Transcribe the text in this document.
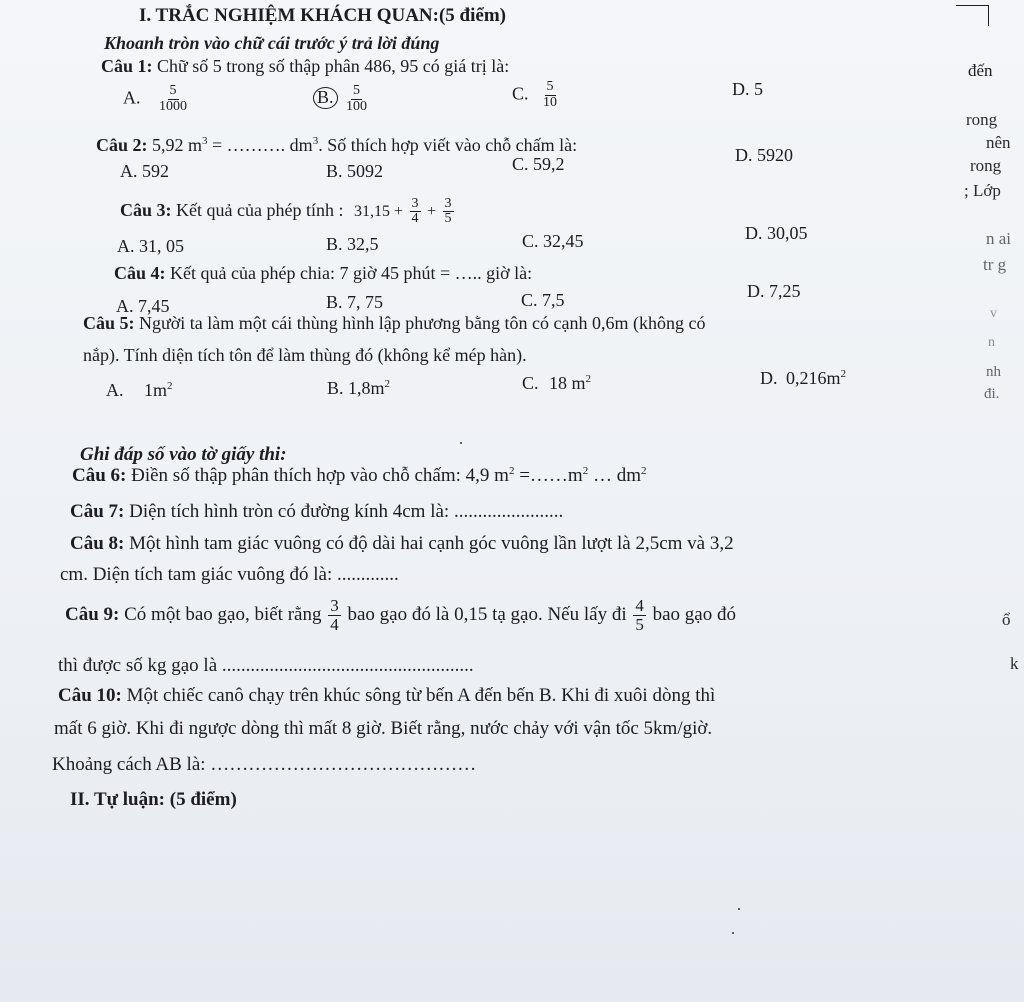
I. TRẮC NGHIỆM KHÁCH QUAN:(5 điểm)
Khoanh tròn vào chữ cái trước ý trả lời đúng
Câu 1: Chữ số 5 trong số thập phân 486, 95 có giá trị là:
A. $\frac{5}{1000}$	B. $\frac{5}{100}$	C. $\frac{5}{10}$	D. 5
Câu 2: 5,92 $m^3$ = ………. $dm^3$. Số thích hợp viết vào chỗ chấm là:
A. 592	B. 5092	C. 59,2	D. 5920
Câu 3: Kết quả của phép tính : $31,15 + \frac{3}{4} + \frac{3}{5}$
A. 31, 05	B. 32,5	C. 32,45	D. 30,05
Câu 4: Kết quả của phép chia: 7 giờ 45 phút = ….. giờ là:
A. 7,45	B. 7, 75	C. 7,5	D. 7,25
Câu 5: Người ta làm một cái thùng hình lập phương bằng tôn có cạnh 0,6m (không có
nắp). Tính diện tích tôn để làm thùng đó (không kể mép hàn).
A. $1m^2$	B. $1,8m^2$	C. 18 $m^2$	D. $0,216m^2$
Ghi đáp số vào tờ giấy thi:
Câu 6: Điền số thập phân thích hợp vào chỗ chấm: 4,9 $m^2$ $=\dots\dots m^2$ … $dm^2$
Câu 7: Diện tích hình tròn có đường kính 4cm là: .......................
Câu 8: Một hình tam giác vuông có độ dài hai cạnh góc vuông lần lượt là 2,5cm và 3,2
cm. Diện tích tam giác vuông đó là: .............
Câu 9: Có một bao gạo, biết rằng $\frac{3}{4}$ bao gạo đó là 0,15 tạ gạo. Nếu lấy đi $\frac{4}{5}$ bao gạo đó
thì được số kg gạo là .....................................................
Câu 10: Một chiếc canô chạy trên khúc sông từ bến A đến bến B. Khi đi xuôi dòng thì
mất 6 giờ. Khi đi ngược dòng thì mất 8 giờ. Biết rằng, nước chảy với vận tốc 5km/giờ.
Khoảng cách AB là: ……………………………………
II. Tự luận: (5 điểm)
đến
rong
nên
rong
; Lớp
n ai
tr g
v
n
nh
đi.
ổ
k
